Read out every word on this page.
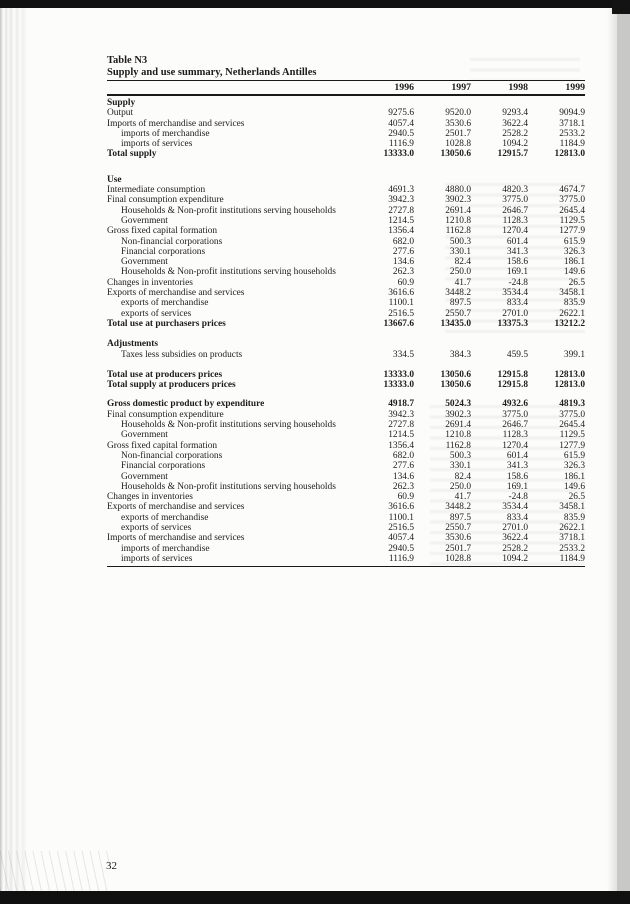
Table N3
Supply and use summary, Netherlands Antilles
1996	1997	1998	1999
Supply
Output	9275.6	9520.0	9293.4	9094.9
Imports of merchandise and services	4057.4	3530.6	3622.4	3718.1
imports of merchandise	2940.5	2501.7	2528.2	2533.2
imports of services	1116.9	1028.8	1094.2	1184.9
Total supply	13333.0	13050.6	12915.7	12813.0
Use
Intermediate consumption	4691.3	4880.0	4820.3	4674.7
Final consumption expenditure	3942.3	3902.3	3775.0	3775.0
Households & Non-profit institutions serving households	2727.8	2691.4	2646.7	2645.4
Government	1214.5	1210.8	1128.3	1129.5
Gross fixed capital formation	1356.4	1162.8	1270.4	1277.9
Non-financial corporations	682.0	500.3	601.4	615.9
Financial corporations	277.6	330.1	341.3	326.3
Government	134.6	82.4	158.6	186.1
Households & Non-profit institutions serving households	262.3	250.0	169.1	149.6
Changes in inventories	60.9	41.7	-24.8	26.5
Exports of merchandise and services	3616.6	3448.2	3534.4	3458.1
exports of merchandise	1100.1	897.5	833.4	835.9
exports of services	2516.5	2550.7	2701.0	2622.1
Total use at purchasers prices	13667.6	13435.0	13375.3	13212.2
Adjustments
Taxes less subsidies on products	334.5	384.3	459.5	399.1
Total use at producers prices	13333.0	13050.6	12915.8	12813.0
Total supply at producers prices	13333.0	13050.6	12915.8	12813.0
Gross domestic product by expenditure	4918.7	5024.3	4932.6	4819.3
Final consumption expenditure	3942.3	3902.3	3775.0	3775.0
Households & Non-profit institutions serving households	2727.8	2691.4	2646.7	2645.4
Government	1214.5	1210.8	1128.3	1129.5
Gross fixed capital formation	1356.4	1162.8	1270.4	1277.9
Non-financial corporations	682.0	500.3	601.4	615.9
Financial corporations	277.6	330.1	341.3	326.3
Government	134.6	82.4	158.6	186.1
Households & Non-profit institutions serving households	262.3	250.0	169.1	149.6
Changes in inventories	60.9	41.7	-24.8	26.5
Exports of merchandise and services	3616.6	3448.2	3534.4	3458.1
exports of merchandise	1100.1	897.5	833.4	835.9
exports of services	2516.5	2550.7	2701.0	2622.1
Imports of merchandise and services	4057.4	3530.6	3622.4	3718.1
imports of merchandise	2940.5	2501.7	2528.2	2533.2
imports of services	1116.9	1028.8	1094.2	1184.9
32
